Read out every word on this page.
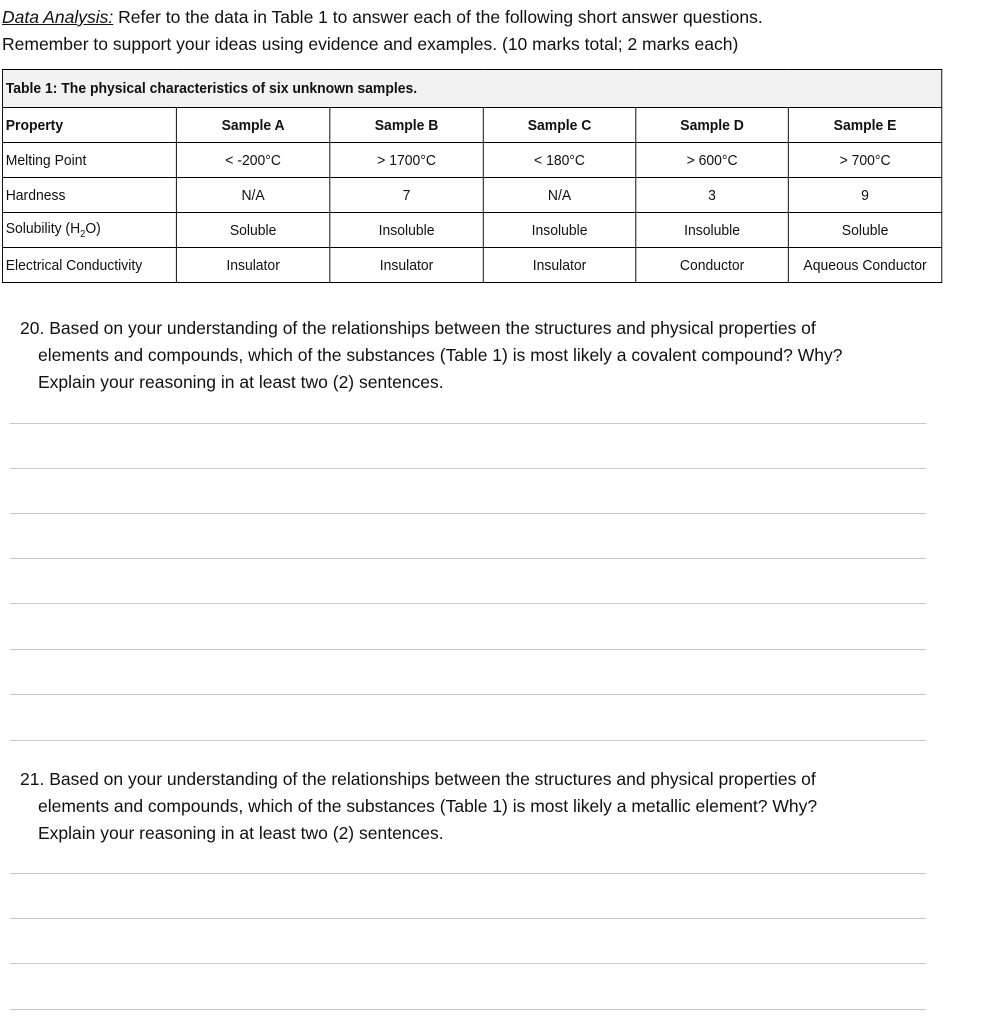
Data Analysis: Refer to the data in Table 1 to answer each of the following short answer questions.
Remember to support your ideas using evidence and examples. (10 marks total; 2 marks each)
Table 1: The physical characteristics of six unknown samples.					
Property	Sample A	Sample B	Sample C	Sample D	Sample E
Melting Point	< -200°C	> 1700°C	< 180°C	> 600°C	> 700°C
Hardness	N/A	7	N/A	3	9
Solubility $(H_2O)$	Soluble	Insoluble	Insoluble	Insoluble	Soluble
Electrical Conductivity	Insulator	Insulator	Insulator	Conductor	Aqueous Conductor
20. Based on your understanding of the relationships between the structures and physical properties of
elements and compounds, which of the substances (Table 1) is most likely a covalent compound? Why?
Explain your reasoning in at least two (2) sentences.
21. Based on your understanding of the relationships between the structures and physical properties of
elements and compounds, which of the substances (Table 1) is most likely a metallic element? Why?
Explain your reasoning in at least two (2) sentences.
